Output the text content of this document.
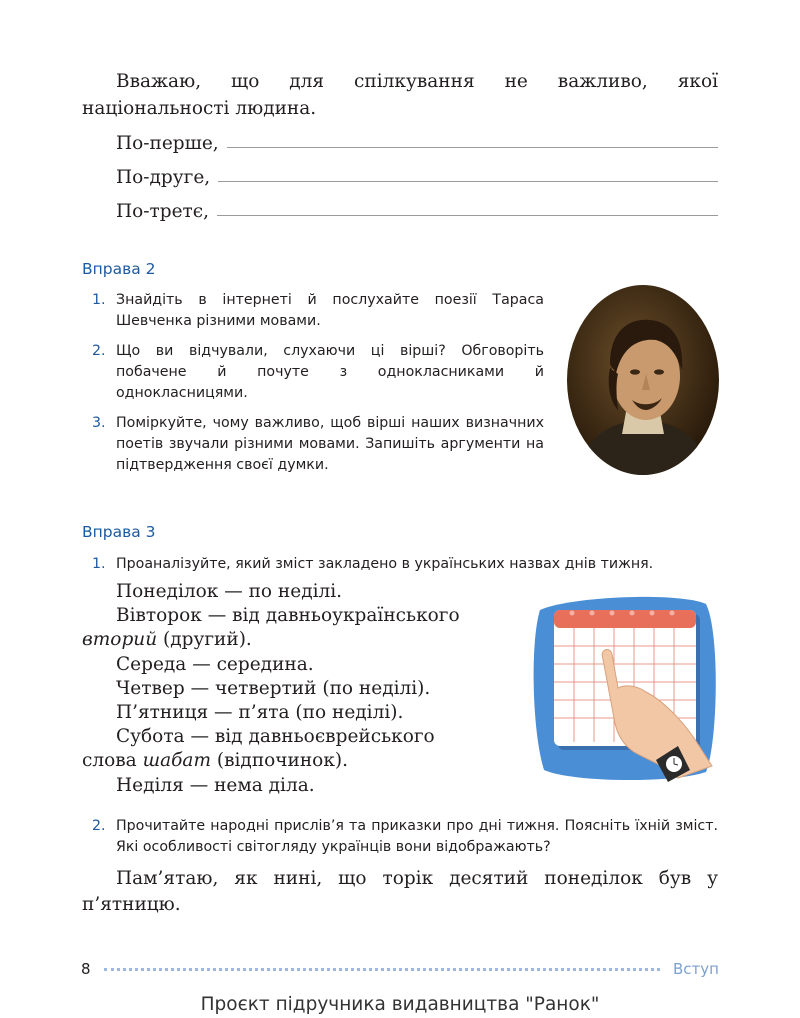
Вважаю, що для спілкування не важливо, якої національності людина.

По-перше,
По-друге,
По-третє,
Вправа 2
1. Знайдіть в інтернеті й послухайте поезії Тараса Шевченка різними мовами.
2. Що ви відчували, слухаючи ці вірші? Обговоріть побачене й почуте з однокласниками й однокласницями.
3. Поміркуйте, чому важливо, щоб вірші наших визначних поетів звучали різними мовами. Запишіть аргументи на підтвердження своєї думки.
Вправа 3
1. Проаналізуйте, який зміст закладено в українських назвах днів тижня.

Понеділок — по неділі.

Вівторок — від давньоукраїнського

вторий (другий).

Середа — середина.

Четвер — четвертий (по неділі).

П’ятниця — п’ята (по неділі).

Субота — від давньоєврейського

слова шабат (відпочинок).

Неділя — нема діла.

2. Прочитайте народні прислів’я та приказки про дні тижня. Поясніть їхній зміст. Які особливості світогляду українців вони відображають?

Пам’ятаю, як нині, що торік десятий понеділок був у п’ятницю.

8	Вступ
Проєкт підручника видавництва "Ранок"
